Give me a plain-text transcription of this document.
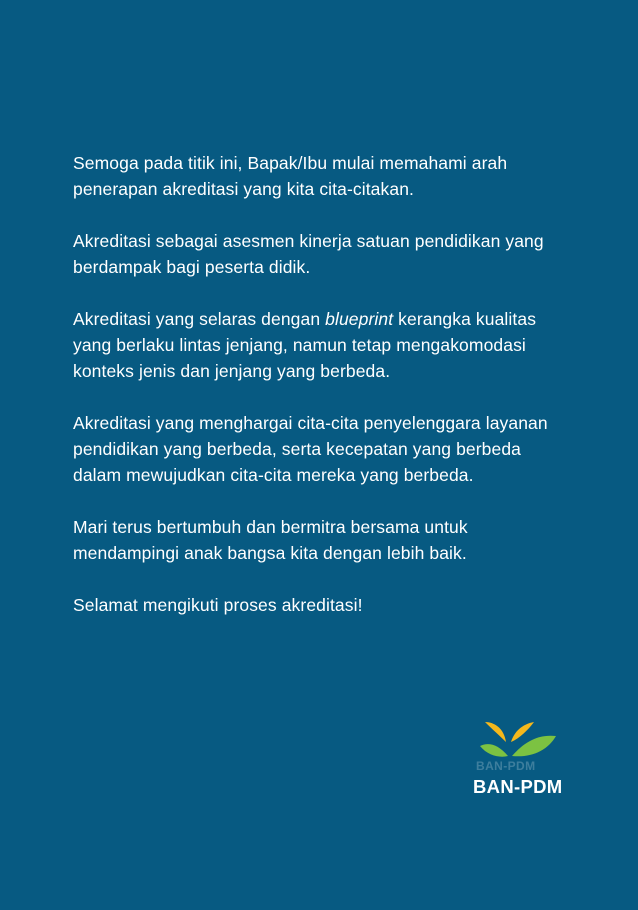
Semoga pada titik ini, Bapak/Ibu mulai memahami arah penerapan akreditasi yang kita cita-citakan.

Akreditasi sebagai asesmen kinerja satuan pendidikan yang berdampak bagi peserta didik.

Akreditasi yang selaras dengan blueprint kerangka kualitas yang berlaku lintas jenjang, namun tetap mengakomodasi konteks jenis dan jenjang yang berbeda.

Akreditasi yang menghargai cita-cita penyelenggara layanan pendidikan yang berbeda, serta kecepatan yang berbeda dalam mewujudkan cita-cita mereka yang berbeda.

Mari terus bertumbuh dan bermitra bersama untuk mendampingi anak bangsa kita dengan lebih baik.

Selamat mengikuti proses akreditasi!

BAN-PDM
BAN-PDM
